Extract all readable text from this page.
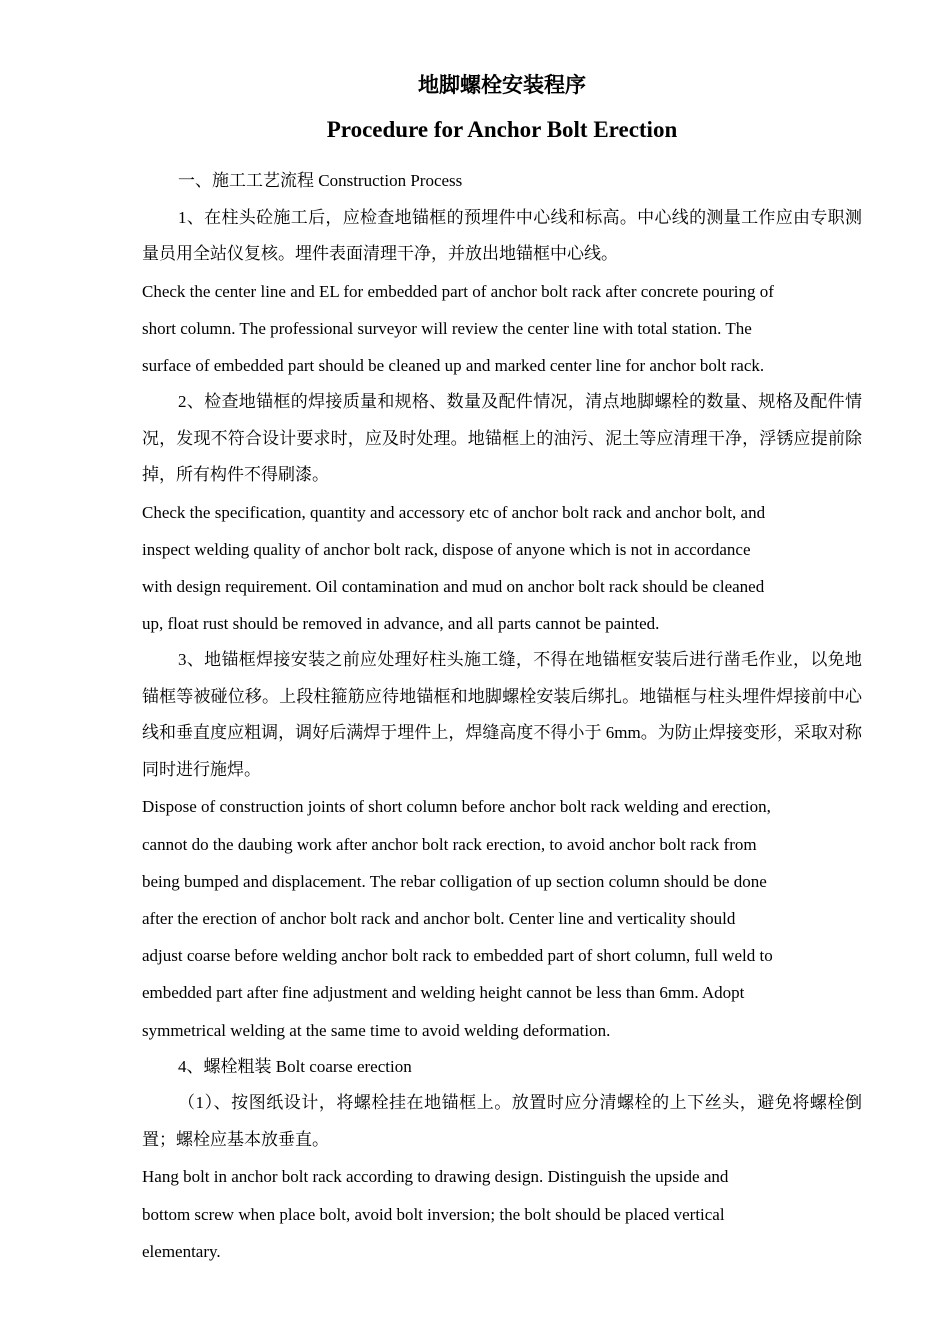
地脚螺栓安装程序
Procedure for Anchor Bolt Erection

一、施工工艺流程 Construction Process

1、在柱头砼施工后，应检查地锚框的预埋件中心线和标高。中心线的测量工作应由专职测量员用全站仪复核。埋件表面清理干净，并放出地锚框中心线。

Check the center line and EL for embedded part of anchor bolt rack after concrete pouring of
short column. The professional surveyor will review the center line with total station. The
surface of embedded part should be cleaned up and marked center line for anchor bolt rack.

2、检查地锚框的焊接质量和规格、数量及配件情况，清点地脚螺栓的数量、规格及配件情况，发现不符合设计要求时，应及时处理。地锚框上的油污、泥土等应清理干净，浮锈应提前除掉，所有构件不得刷漆。

Check the specification, quantity and accessory etc of anchor bolt rack and anchor bolt, and
inspect welding quality of anchor bolt rack, dispose of anyone which is not in accordance
with design requirement. Oil contamination and mud on anchor bolt rack should be cleaned
up, float rust should be removed in advance, and all parts cannot be painted.

3、地锚框焊接安装之前应处理好柱头施工缝，不得在地锚框安装后进行凿毛作业，以免地锚框等被碰位移。上段柱箍筋应待地锚框和地脚螺栓安装后绑扎。地锚框与柱头埋件焊接前中心线和垂直度应粗调，调好后满焊于埋件上，焊缝高度不得小于 6mm。为防止焊接变形，采取对称同时进行施焊。

Dispose of construction joints of short column before anchor bolt rack welding and erection,
cannot do the daubing work after anchor bolt rack erection, to avoid anchor bolt rack from
being bumped and displacement. The rebar colligation of up section column should be done
after the erection of anchor bolt rack and anchor bolt. Center line and verticality should
adjust coarse before welding anchor bolt rack to embedded part of short column, full weld to
embedded part after fine adjustment and welding height cannot be less than 6mm. Adopt
symmetrical welding at the same time to avoid welding deformation.

4、螺栓粗装 Bolt coarse erection

（1）、按图纸设计，将螺栓挂在地锚框上。放置时应分清螺栓的上下丝头，避免将螺栓倒置；螺栓应基本放垂直。

Hang bolt in anchor bolt rack according to drawing design. Distinguish the upside and
bottom screw when place bolt, avoid bolt inversion; the bolt should be placed vertical
elementary.
